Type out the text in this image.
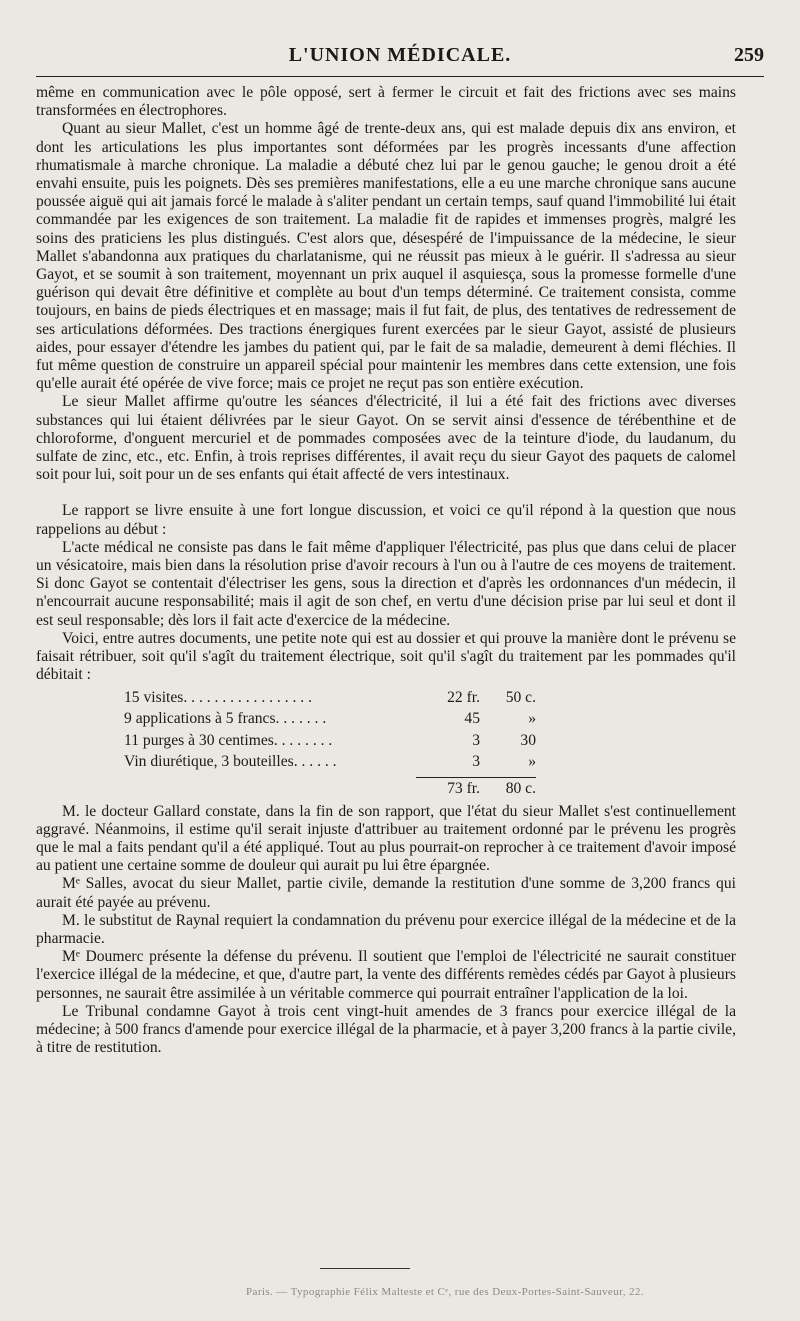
L'UNION MÉDICALE.	259

même en communication avec le pôle opposé, sert à fermer le circuit et fait des frictions avec ses mains transformées en électrophores.

Quant au sieur Mallet, c'est un homme âgé de trente-deux ans, qui est malade depuis dix ans environ, et dont les articulations les plus importantes sont déformées par les progrès incessants d'une affection rhumatismale à marche chronique. La maladie a débuté chez lui par le genou gauche; le genou droit a été envahi ensuite, puis les poignets. Dès ses premières manifestations, elle a eu une marche chronique sans aucune poussée aiguë qui ait jamais forcé le malade à s'aliter pendant un certain temps, sauf quand l'immobilité lui était commandée par les exigences de son traitement. La maladie fit de rapides et immenses progrès, malgré les soins des praticiens les plus distingués. C'est alors que, désespéré de l'impuissance de la médecine, le sieur Mallet s'abandonna aux pratiques du charlatanisme, qui ne réussit pas mieux à le guérir. Il s'adressa au sieur Gayot, et se soumit à son traitement, moyennant un prix auquel il asquiesça, sous la promesse formelle d'une guérison qui devait être définitive et complète au bout d'un temps déterminé. Ce traitement consista, comme toujours, en bains de pieds électriques et en massage; mais il fut fait, de plus, des tentatives de redressement de ses articulations déformées. Des tractions énergiques furent exercées par le sieur Gayot, assisté de plusieurs aides, pour essayer d'étendre les jambes du patient qui, par le fait de sa maladie, demeurent à demi fléchies. Il fut même question de construire un appareil spécial pour maintenir les membres dans cette extension, une fois qu'elle aurait été opérée de vive force; mais ce projet ne reçut pas son entière exécution.

Le sieur Mallet affirme qu'outre les séances d'électricité, il lui a été fait des frictions avec diverses substances qui lui étaient délivrées par le sieur Gayot. On se servit ainsi d'essence de térébenthine et de chloroforme, d'onguent mercuriel et de pommades composées avec de la teinture d'iode, du laudanum, du sulfate de zinc, etc., etc. Enfin, à trois reprises différentes, il avait reçu du sieur Gayot des paquets de calomel soit pour lui, soit pour un de ses enfants qui était affecté de vers intestinaux.

Le rapport se livre ensuite à une fort longue discussion, et voici ce qu'il répond à la question que nous rappelions au début :

L'acte médical ne consiste pas dans le fait même d'appliquer l'électricité, pas plus que dans celui de placer un vésicatoire, mais bien dans la résolution prise d'avoir recours à l'un ou à l'autre de ces moyens de traitement. Si donc Gayot se contentait d'électriser les gens, sous la direction et d'après les ordonnances d'un médecin, il n'encourrait aucune responsabilité; mais il agit de son chef, en vertu d'une décision prise par lui seul et dont il est seul responsable; dès lors il fait acte d'exercice de la médecine.

Voici, entre autres documents, une petite note qui est au dossier et qui prouve la manière dont le prévenu se faisait rétribuer, soit qu'il s'agît du traitement électrique, soit qu'il s'agît du traitement par les pommades qu'il débitait :

15 visites. . . . . . . . . . . . . . . . .	22 fr.	50 c.
9 applications à 5 francs. . . . . . .	45	»
11 purges à 30 centimes. . . . . . . .	3	30
Vin diurétique, 3 bouteilles. . . . . .	3	»
73 fr.	80 c.

M. le docteur Gallard constate, dans la fin de son rapport, que l'état du sieur Mallet s'est continuellement aggravé. Néanmoins, il estime qu'il serait injuste d'attribuer au traitement ordonné par le prévenu les progrès que le mal a faits pendant qu'il a été appliqué. Tout au plus pourrait-on reprocher à ce traitement d'avoir imposé au patient une certaine somme de douleur qui aurait pu lui être épargnée.

Mᵉ Salles, avocat du sieur Mallet, partie civile, demande la restitution d'une somme de 3,200 francs qui aurait été payée au prévenu.

M. le substitut de Raynal requiert la condamnation du prévenu pour exercice illégal de la médecine et de la pharmacie.

Mᵉ Doumerc présente la défense du prévenu. Il soutient que l'emploi de l'électricité ne saurait constituer l'exercice illégal de la médecine, et que, d'autre part, la vente des différents remèdes cédés par Gayot à plusieurs personnes, ne saurait être assimilée à un véritable commerce qui pourrait entraîner l'application de la loi.

Le Tribunal condamne Gayot à trois cent vingt-huit amendes de 3 francs pour exercice illégal de la médecine; à 500 francs d'amende pour exercice illégal de la pharmacie, et à payer 3,200 francs à la partie civile, à titre de restitution.

Paris. — Typographie Félix Malteste et Cᵉ, rue des Deux-Portes-Saint-Sauveur, 22.
